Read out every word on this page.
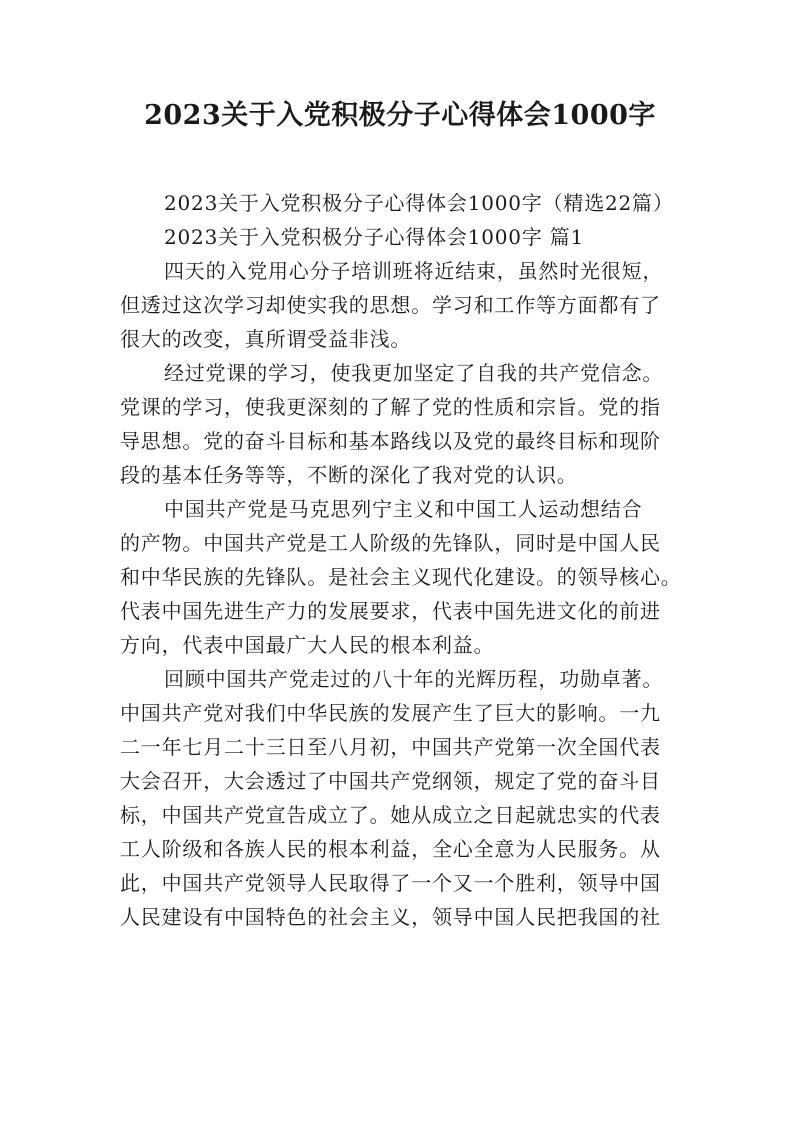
2023关于入党积极分子心得体会1000字
2023关于入党积极分子心得体会1000字（精选22篇）
2023关于入党积极分子心得体会1000字 篇1
四天的入党用心分子培训班将近结束，虽然时光很短，
但透过这次学习却使实我的思想。学习和工作等方面都有了
很大的改变，真所谓受益非浅。
经过党课的学习，使我更加坚定了自我的共产党信念。
党课的学习，使我更深刻的了解了党的性质和宗旨。党的指
导思想。党的奋斗目标和基本路线以及党的最终目标和现阶
段的基本任务等等，不断的深化了我对党的认识。
中国共产党是马克思列宁主义和中国工人运动想结合
的产物。中国共产党是工人阶级的先锋队，同时是中国人民
和中华民族的先锋队。是社会主义现代化建设。的领导核心。
代表中国先进生产力的发展要求，代表中国先进文化的前进
方向，代表中国最广大人民的根本利益。
回顾中国共产党走过的八十年的光辉历程，功勋卓著。
中国共产党对我们中华民族的发展产生了巨大的影响。一九
二一年七月二十三日至八月初，中国共产党第一次全国代表
大会召开，大会透过了中国共产党纲领，规定了党的奋斗目
标，中国共产党宣告成立了。她从成立之日起就忠实的代表
工人阶级和各族人民的根本利益，全心全意为人民服务。从
此，中国共产党领导人民取得了一个又一个胜利，领导中国
人民建设有中国特色的社会主义，领导中国人民把我国的社
